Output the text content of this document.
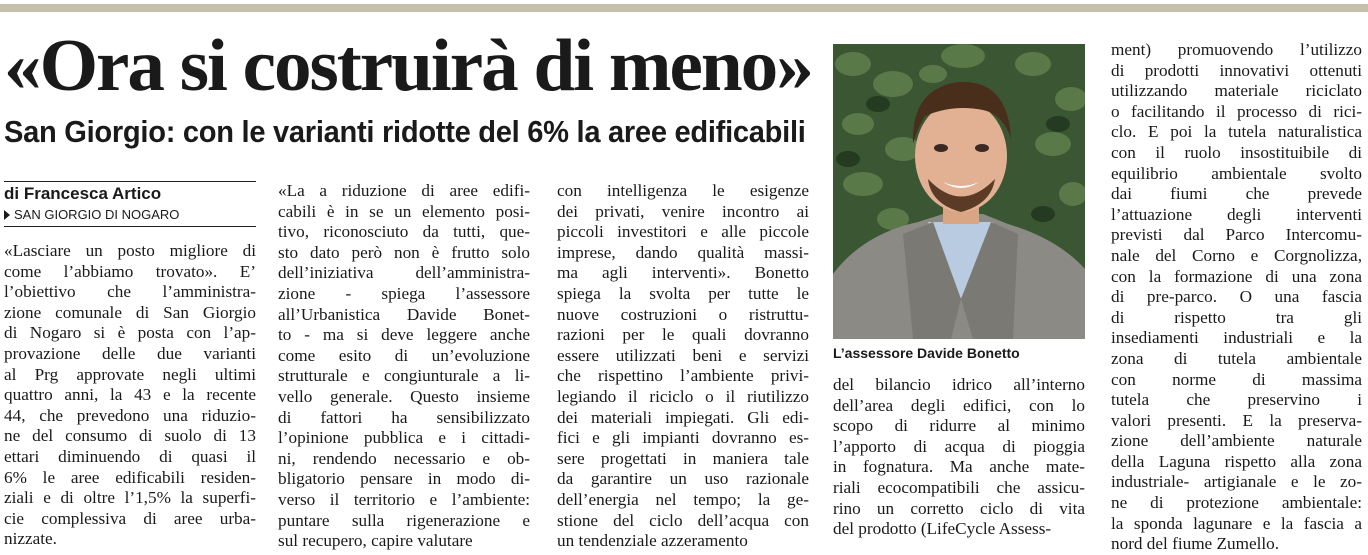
«Ora si costruirà di meno»
San Giorgio: con le varianti ridotte del 6% la aree edificabili
di Francesca Artico
SAN GIORGIO DI NOGARO

«Lasciare un posto migliore di

come l’abbiamo trovato». E’

l’obiettivo che l’amministra-

zione comunale di San Giorgio

di Nogaro si è posta con l’ap-

provazione delle due varianti

al Prg approvate negli ultimi

quattro anni, la 43 e la recente

44, che prevedono una riduzio-

ne del consumo di suolo di 13

ettari diminuendo di quasi il

6% le aree edificabili residen-

ziali e di oltre l’1,5% la superfi-

cie complessiva di aree urba-

nizzate.

«La a riduzione di aree edifi-

cabili è in se un elemento posi-

tivo, riconosciuto da tutti, que-

sto dato però non è frutto solo

dell’iniziativa dell’amministra-

zione - spiega l’assessore

all’Urbanistica Davide Bonet-

to - ma si deve leggere anche

come esito di un’evoluzione

strutturale e congiunturale a li-

vello generale. Questo insieme

di fattori ha sensibilizzato

l’opinione pubblica e i cittadi-

ni, rendendo necessario e ob-

bligatorio pensare in modo di-

verso il territorio e l’ambiente:

puntare sulla rigenerazione e

sul recupero, capire valutare

con intelligenza le esigenze

dei privati, venire incontro ai

piccoli investitori e alle piccole

imprese, dando qualità massi-

ma agli interventi». Bonetto

spiega la svolta per tutte le

nuove costruzioni o ristruttu-

razioni per le quali dovranno

essere utilizzati beni e servizi

che rispettino l’ambiente privi-

legiando il riciclo o il riutilizzo

dei materiali impiegati. Gli edi-

fici e gli impianti dovranno es-

sere progettati in maniera tale

da garantire un uso razionale

dell’energia nel tempo; la ge-

stione del ciclo dell’acqua con

un tendenziale azzeramento

del bilancio idrico all’interno

dell’area degli edifici, con lo

scopo di ridurre al minimo

l’apporto di acqua di pioggia

in fognatura. Ma anche mate-

riali ecocompatibili che assicu-

rino un corretto ciclo di vita

del prodotto (LifeCycle Assess-

ment) promuovendo l’utilizzo

di prodotti innovativi ottenuti

utilizzando materiale riciclato

o facilitando il processo di rici-

clo. E poi la tutela naturalistica

con il ruolo insostituibile di

equilibrio ambientale svolto

dai fiumi che prevede

l’attuazione degli interventi

previsti dal Parco Intercomu-

nale del Corno e Corgnolizza,

con la formazione di una zona

di pre-parco. O una fascia

di rispetto tra gli

insediamenti industriali e la

zona di tutela ambientale

con norme di massima

tutela che preservino i

valori presenti. E la preserva-

zione dell’ambiente naturale

della Laguna rispetto alla zona

industriale- artigianale e le zo-

ne di protezione ambientale:

la sponda lagunare e la fascia a

nord del fiume Zumello.

L’assessore Davide Bonetto
